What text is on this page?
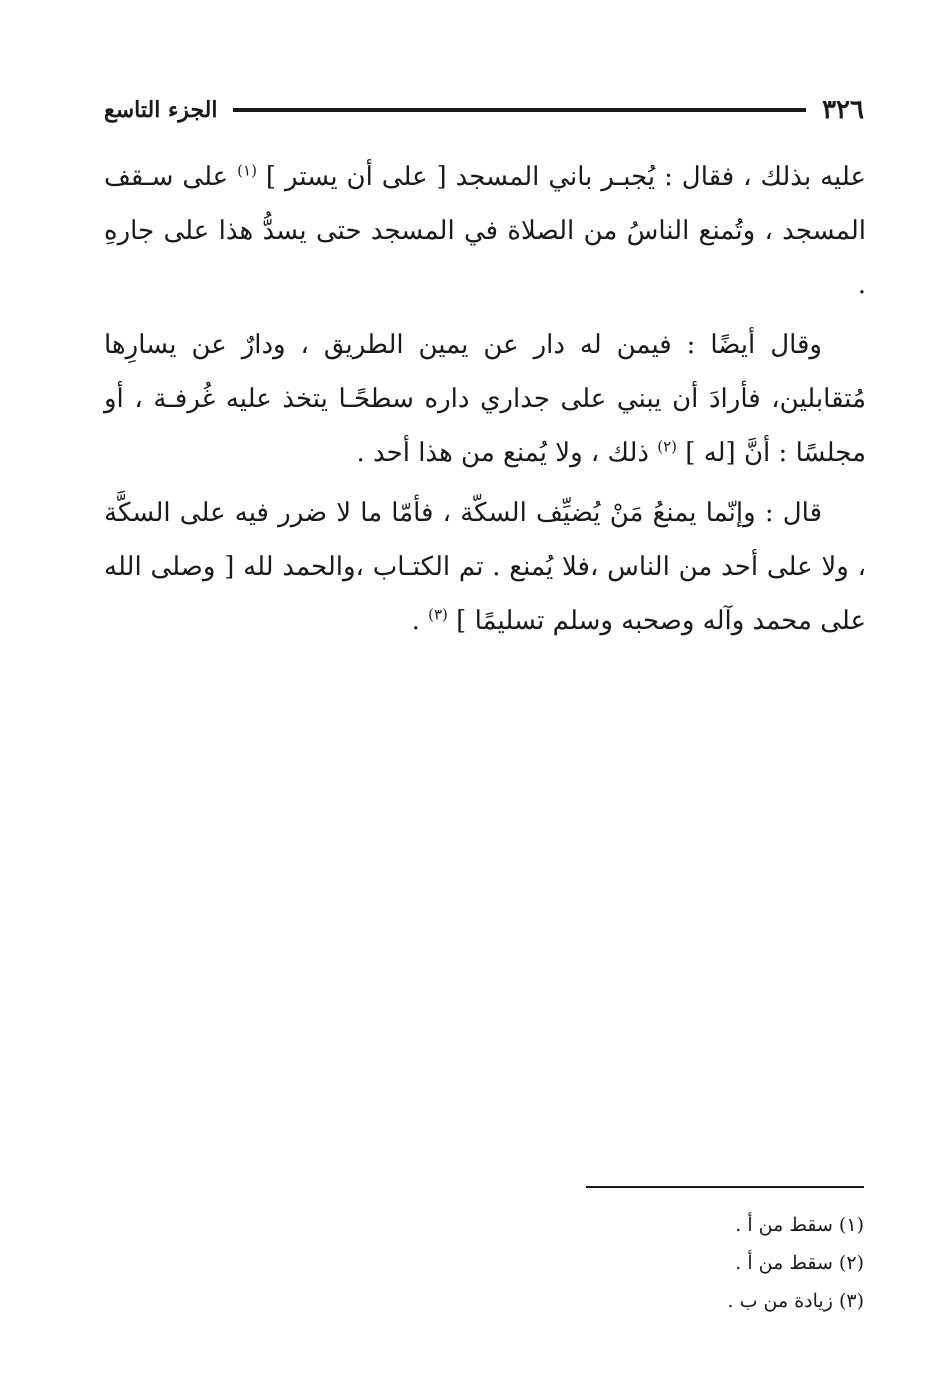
٣٢٦
الجزء التاسع

عليه بذلك ، فقال : يُجبـر باني المسجد [ على أن يستر ] $^{(١)}$ على سـقف المسجد ، وتُمنع الناسُ من الصلاة في المسجد حتى يسدُّ هذا على جارهِ .

وقال أيضًا : فيمن له دار عن يمين الطريق ، ودارٌ عن يسارِها مُتقابلين، فأرادَ أن يبني على جداري داره سطحًـا يتخذ عليه غُرفـة ، أو مجلسًا : أنَّ [له ] $^{(٢)}$ ذلك ، ولا يُمنع من هذا أحد .

قال : وإنّما يمنعُ مَنْ يُضيِّف السكّة ، فأمّا ما لا ضرر فيه على السكَّة ، ولا على أحد من الناس ،فلا يُمنع . تم الكتـاب ،والحمد لله [ وصلى الله على محمد وآله وصحبه وسلم تسليمًا ] $^{(٣)}$ .

(١) سقط من أ .
(٢) سقط من أ .
(٣) زيادة من ب .
